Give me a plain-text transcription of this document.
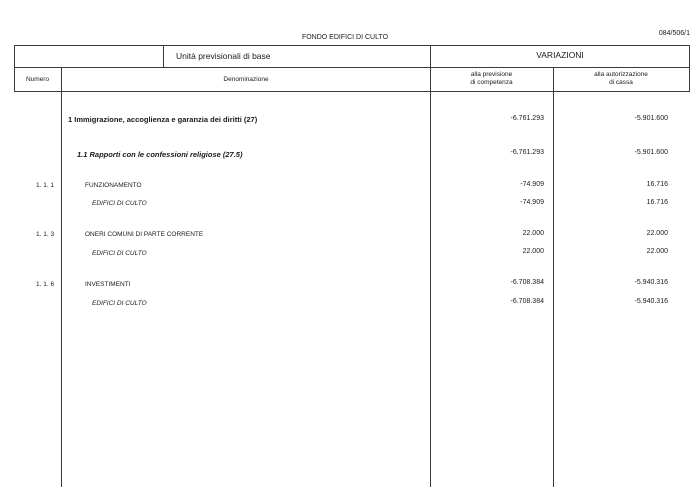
FONDO EDIFICI DI CULTO
084/506/1
Unità previsionali di base	VARIAZIONI
Numero	Denominazione
alla previsione
di competenza
alla autorizzazione
di cassa
1 Immigrazione, accoglienza e garanzia dei diritti (27)	-6.761.293	-5.901.600
1.1 Rapporti con le confessioni religiose (27.5)	-6.761.293	-5.901.600
1. 1. 1	FUNZIONAMENTO	-74.909	16.716
EDIFICI DI CULTO	-74.909	16.716
1. 1. 3	ONERI COMUNI DI PARTE CORRENTE	22.000	22.000
EDIFICI DI CULTO	22.000	22.000
1. 1. 6	INVESTIMENTI	-6.708.384	-5.940.316
EDIFICI DI CULTO	-6.708.384	-5.940.316
